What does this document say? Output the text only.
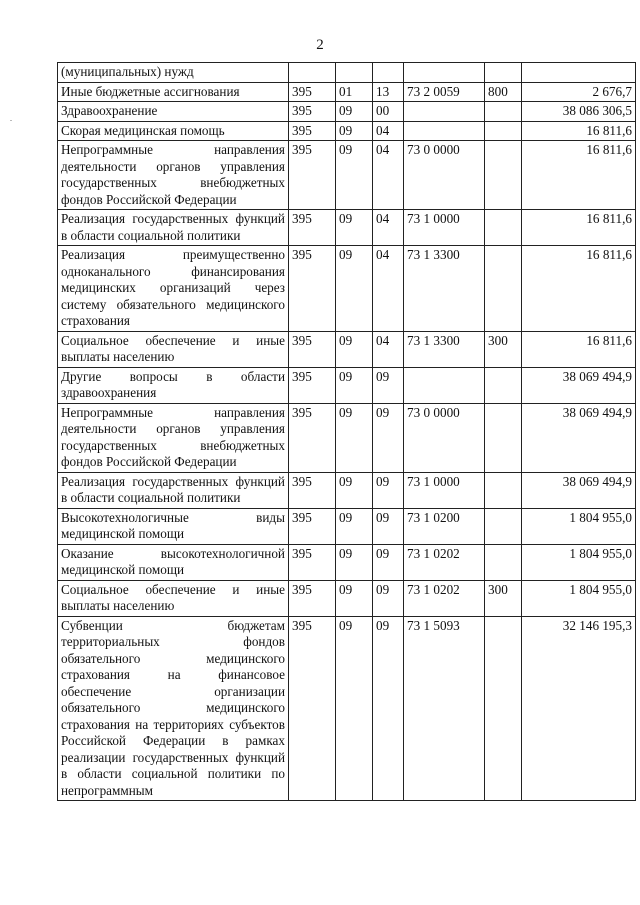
2
(муниципальных) нужд						
Иные бюджетные ассигнования	395	01	13	73 2 0059	800	2 676,7
Здравоохранение	395	09	00			38 086 306,5
Скорая медицинская помощь	395	09	04			16 811,6
Непрограммные направления деятельности органов управления государственных внебюджетных фондов Российской Федерации	395	09	04	73 0 0000		16 811,6
Реализация государственных функций в области социальной политики	395	09	04	73 1 0000		16 811,6
Реализация преимущественно одноканального финансирования медицинских организаций через систему обязательного медицинского страхования	395	09	04	73 1 3300		16 811,6
Социальное обеспечение и иные выплаты населению	395	09	04	73 1 3300	300	16 811,6
Другие вопросы в области здравоохранения	395	09	09			38 069 494,9
Непрограммные направления деятельности органов управления государственных внебюджетных фондов Российской Федерации	395	09	09	73 0 0000		38 069 494,9
Реализация государственных функций в области социальной политики	395	09	09	73 1 0000		38 069 494,9
Высокотехнологичные виды медицинской помощи	395	09	09	73 1 0200		1 804 955,0
Оказание высокотехнологичной медицинской помощи	395	09	09	73 1 0202		1 804 955,0
Социальное обеспечение и иные выплаты населению	395	09	09	73 1 0202	300	1 804 955,0
Субвенции бюджетам территориальных фондов обязательного медицинского страхования на финансовое обеспечение организации обязательного медицинского страхования на территориях субъектов Российской Федерации в рамках реализации государственных функций в области социальной политики по непрограммным	395	09	09	73 1 5093		32 146 195,3
